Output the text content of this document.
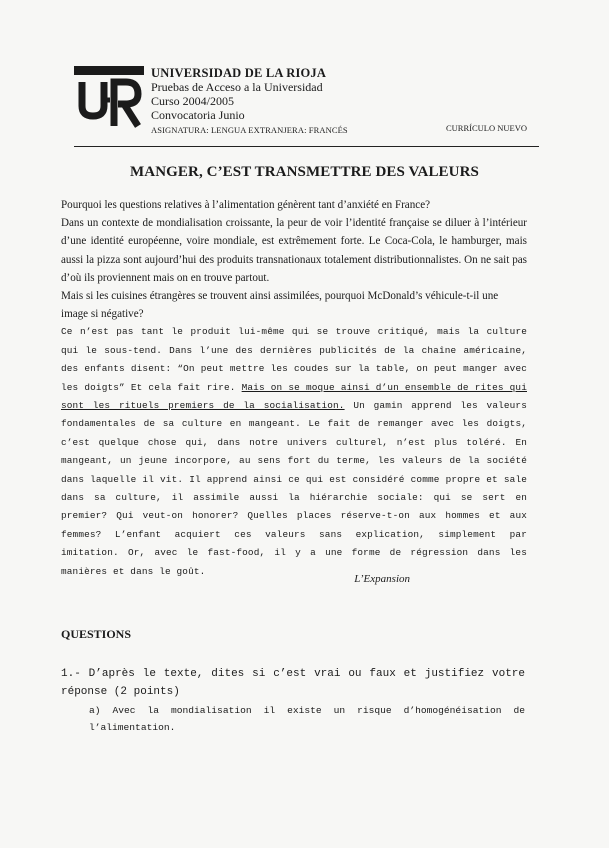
UNIVERSIDAD DE LA RIOJA
Pruebas de Acceso a la Universidad
Curso 2004/2005
Convocatoria Junio
ASIGNATURA: LENGUA EXTRANJERA: FRANCÉS	CURRÍCULO NUEVO
MANGER, C’EST TRANSMETTRE DES VALEURS

Pourquoi les questions relatives à l’alimentation génèrent tant d’anxiété en France?

Dans un contexte de mondialisation croissante, la peur de voir l’identité française se diluer à l’intérieur d’une identité européenne, voire mondiale, est extrêmement forte. Le Coca-Cola, le hamburger, mais aussi la pizza sont aujourd’hui des produits transnationaux totalement distributionnalistes. On ne sait pas d’où ils proviennent mais on en trouve partout.

Mais si les cuisines étrangères se trouvent ainsi assimilées, pourquoi McDonald’s véhicule-t-il une image si négative?

Ce n’est pas tant le produit lui-même qui se trouve critiqué, mais la culture qui le sous-tend. Dans l’une des dernières publicités de la chaîne américaine, des enfants disent: “On peut mettre les coudes sur la table, on peut manger avec les doigts” Et cela fait rire. Mais on se moque ainsi d’un ensemble de rites qui sont les rituels premiers de la socialisation. Un gamin apprend les valeurs fondamentales de sa culture en mangeant. Le fait de remanger avec les doigts, c’est quelque chose qui, dans notre univers culturel, n’est plus toléré. En mangeant, un jeune incorpore, au sens fort du terme, les valeurs de la société dans laquelle il vit. Il apprend ainsi ce qui est considéré comme propre et sale dans sa culture, il assimile aussi la hiérarchie sociale: qui se sert en premier? Qui veut-on honorer? Quelles places réserve-t-on aux hommes et aux femmes? L’enfant acquiert ces valeurs sans explication, simplement par imitation. Or, avec le fast-food, il y a une forme de régression dans les manières et dans le goût.

L’Expansion
QUESTIONS
1.- D’après le texte, dites si c’est vrai ou faux et justifiez votre réponse (2 points)
a) Avec la mondialisation il existe un risque d’homogénéisation de l’alimentation.
